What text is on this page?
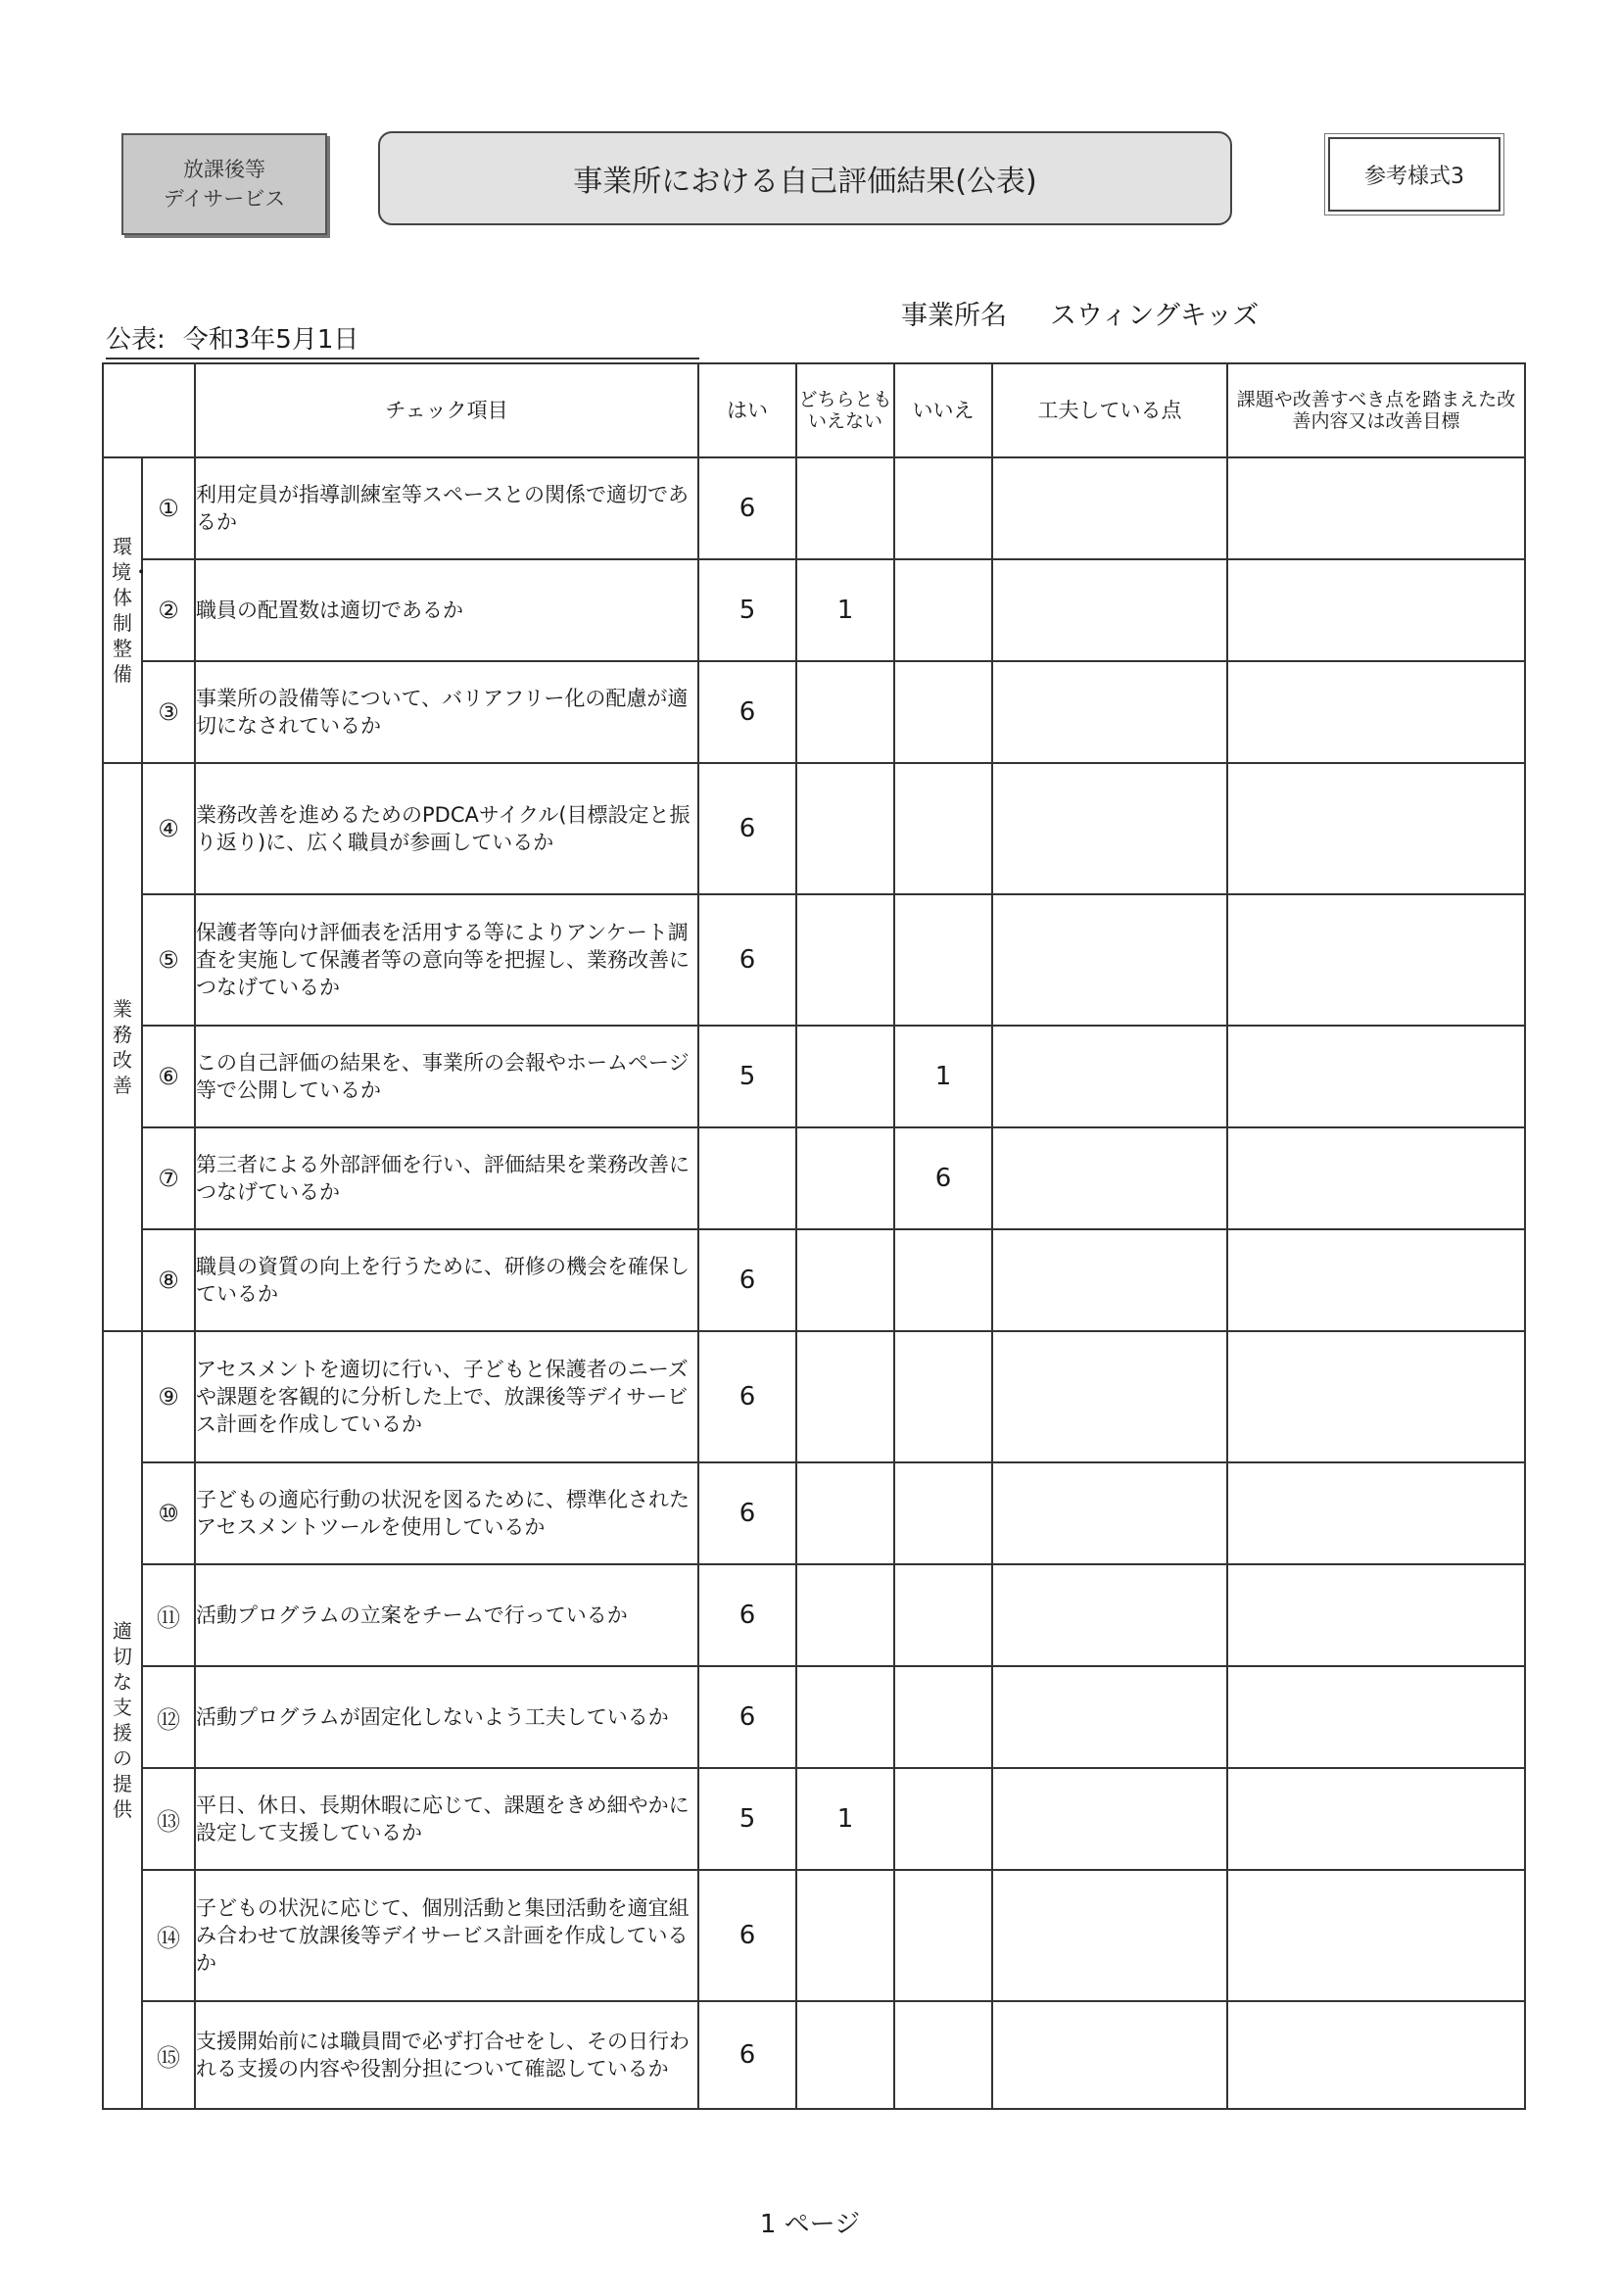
放課後等
デイサービス	事業所における自己評価結果(公表)	参考様式3
事業所名 スウィングキッズ
公表: 令和3年5月1日
		チェック項目	はい	どちらともいえない	いいえ	工夫している点	課題や改善すべき点を踏まえた改善内容又は改善目標
環境・体制整備	①	利用定員が指導訓練室等スペースとの関係で適切であるか	6				
	②	職員の配置数は適切であるか	5	1			
	③	事業所の設備等について、バリアフリー化の配慮が適切になされているか	6				
業務改善	④	業務改善を進めるためのPDCAサイクル(目標設定と振り返り)に、広く職員が参画しているか	6				
	⑤	保護者等向け評価表を活用する等によりアンケート調査を実施して保護者等の意向等を把握し、業務改善につなげているか	6				
	⑥	この自己評価の結果を、事業所の会報やホームページ等で公開しているか	5		1		
	⑦	第三者による外部評価を行い、評価結果を業務改善につなげているか			6		
	⑧	職員の資質の向上を行うために、研修の機会を確保しているか	6				
適切な支援の提供	⑨	アセスメントを適切に行い、子どもと保護者のニーズや課題を客観的に分析した上で、放課後等デイサービス計画を作成しているか	6				
	⑩	子どもの適応行動の状況を図るために、標準化されたアセスメントツールを使用しているか	6				
	⑪	活動プログラムの立案をチームで行っているか	6				
	⑫	活動プログラムが固定化しないよう工夫しているか	6				
	⑬	平日、休日、長期休暇に応じて、課題をきめ細やかに設定して支援しているか	5	1			
	⑭	子どもの状況に応じて、個別活動と集団活動を適宜組み合わせて放課後等デイサービス計画を作成しているか	6				
	⑮	支援開始前には職員間で必ず打合せをし、その日行われる支援の内容や役割分担について確認しているか	6				
1 ページ
